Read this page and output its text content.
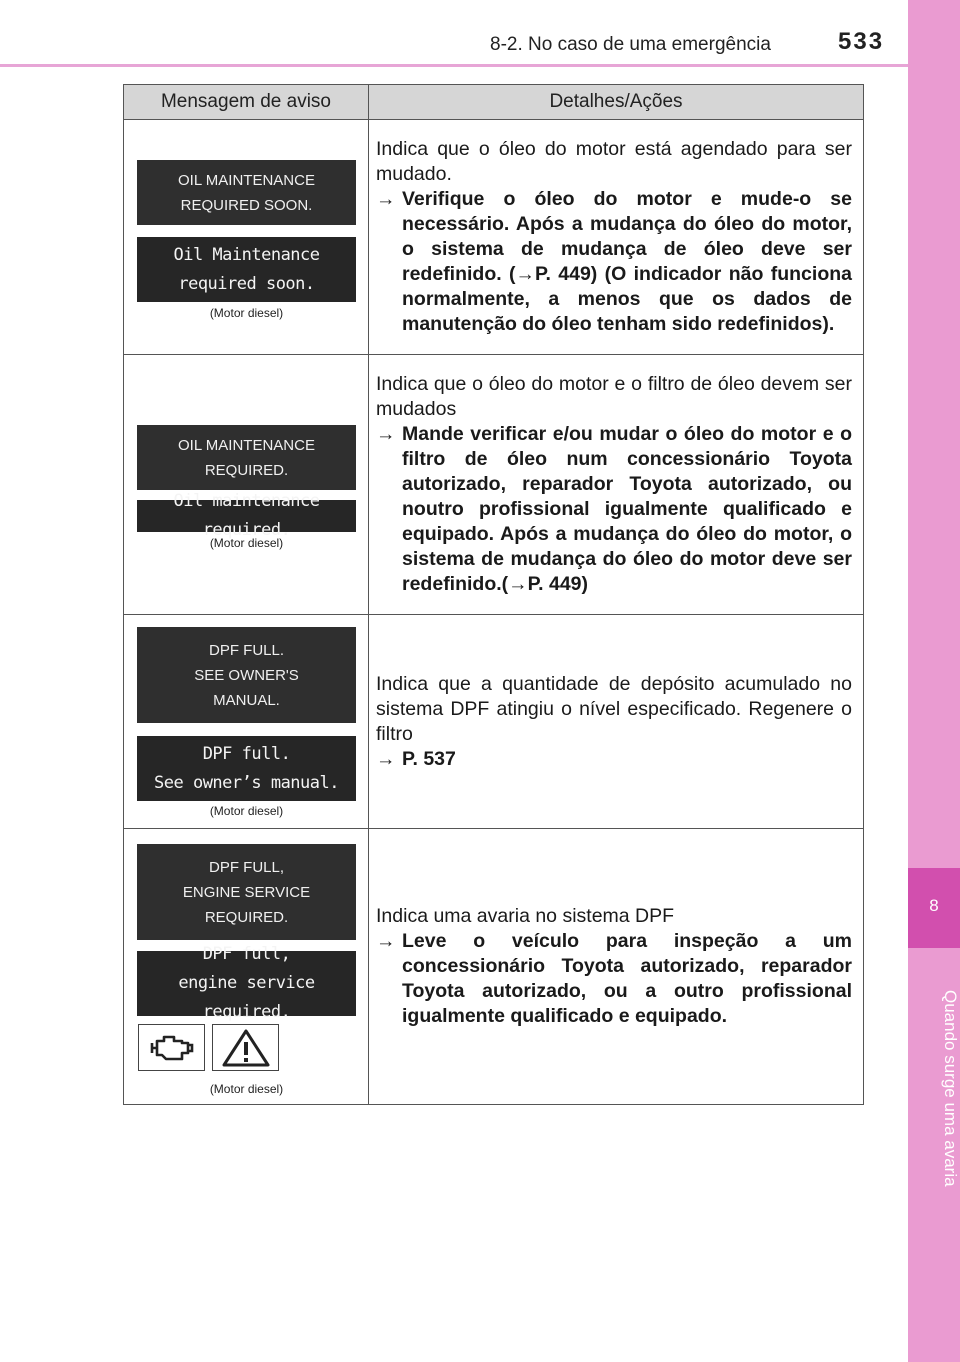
8-2. No caso de uma emergência	533
8
Quando surge uma avaria
Mensagem de aviso	Detalhes/Ações
OIL MAINTENANCE
REQUIRED SOON.
Oil Maintenance
required soon.
(Motor diesel)
Indica que o óleo do motor está agendado para ser mudado.
→ Verifique o óleo do motor e mude-o se necessário. Após a mudança do óleo do motor, o sistema de mudança de óleo deve ser redefinido. (→P. 449) (O indicador não funciona normalmente, a menos que os dados de manutenção do óleo tenham sido redefinidos).
OIL MAINTENANCE
REQUIRED.
Oil maintenance required.
(Motor diesel)
Indica que o óleo do motor e o filtro de óleo devem ser mudados
→ Mande verificar e/ou mudar o óleo do motor e o filtro de óleo num concessionário Toyota autorizado, reparador Toyota autorizado, ou noutro profissional igualmente qualificado e equipado. Após a mudança do óleo do motor, o sistema de mudança do óleo do motor deve ser redefinido.(→P. 449)
DPF FULL.
SEE OWNER'S
MANUAL.
DPF full.
See owner’s manual.
(Motor diesel)
Indica que a quantidade de depósito acumulado no sistema DPF atingiu o nível especificado. Regenere o filtro
→ P. 537
DPF FULL,
ENGINE SERVICE
REQUIRED.
DPF full,
engine service required.
(Motor diesel)
Indica uma avaria no sistema DPF
→ Leve o veículo para inspeção a um concessionário Toyota autorizado, reparador Toyota autorizado, ou a outro profissional igualmente qualificado e equipado.
